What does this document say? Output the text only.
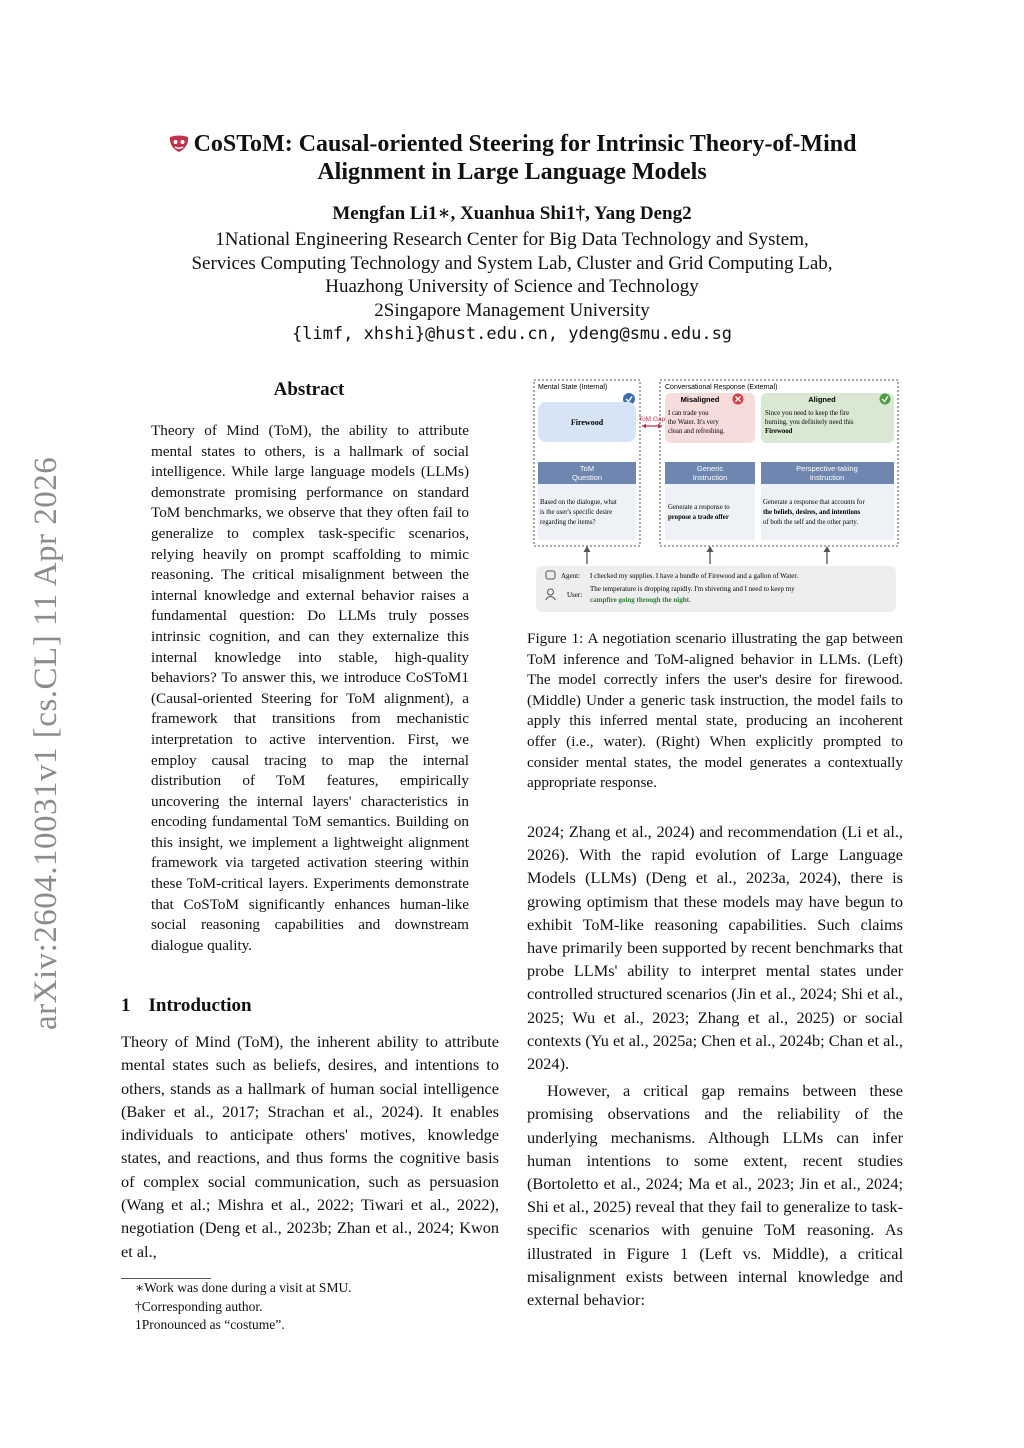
arXiv:2604.10031v1 [cs.CL] 11 Apr 2026
CoSToM: Causal-oriented Steering for Intrinsic Theory-of-Mind
Alignment in Large Language Models
Mengfan Li1∗, Xuanhua Shi1†, Yang Deng2
1National Engineering Research Center for Big Data Technology and System,
Services Computing Technology and System Lab, Cluster and Grid Computing Lab,
Huazhong University of Science and Technology
2Singapore Management University
{limf, xhshi}@hust.edu.cn, ydeng@smu.edu.sg
Abstract
Theory of Mind (ToM), the ability to attribute mental states to others, is a hallmark of social intelligence. While large language models (LLMs) demonstrate promising performance on standard ToM benchmarks, we observe that they often fail to generalize to complex task-specific scenarios, relying heavily on prompt scaffolding to mimic reasoning. The critical misalignment between the internal knowledge and external behavior raises a fundamental question: Do LLMs truly posses intrinsic cognition, and can they externalize this internal knowledge into stable, high-quality behaviors? To answer this, we introduce CoSToM1 (Causal-oriented Steering for ToM alignment), a framework that transitions from mechanistic interpretation to active intervention. First, we employ causal tracing to map the internal distribution of ToM features, empirically uncovering the internal layers' characteristics in encoding fundamental ToM semantics. Building on this insight, we implement a lightweight alignment framework via targeted activation steering within these ToM-critical layers. Experiments demonstrate that CoSToM significantly enhances human-like social reasoning capabilities and downstream dialogue quality.
1 Introduction
Theory of Mind (ToM), the inherent ability to attribute mental states such as beliefs, desires, and intentions to others, stands as a hallmark of human social intelligence (Baker et al., 2017; Strachan et al., 2024). It enables individuals to anticipate others' motives, knowledge states, and reactions, and thus forms the cognitive basis of complex social communication, such as persuasion (Wang et al.; Mishra et al., 2022; Tiwari et al., 2022), negotiation (Deng et al., 2023b; Zhan et al., 2024; Kwon et al.,
∗Work was done during a visit at SMU.
†Corresponding author.
1Pronounced as “costume”.
Mental State (Internal)
Firewood
ToM
Question
Based on the dialogue, what
is the user's specific desire
regarding the items?
ToM Gap
Conversational Response (External)
Misaligned
I can trade you
the Water. It's very
clean and refreshing.
Aligned
Since you need to keep the fire
burning, you definitely need this
Firewood
Generic
Instruction
Generate a response to
propose a trade offer
Perspective-taking
Instruction
Generate a response that accounts for
the beliefs, desires, and intentions
of both the self and the other party.
Agent: I checked my supplies. I have a bundle of Firewood and a gallon of Water.
User:
The temperature is dropping rapidly. I'm shivering and I need to keep my
campfire going through the night.
Figure 1: A negotiation scenario illustrating the gap between ToM inference and ToM-aligned behavior in LLMs. (Left) The model correctly infers the user's desire for firewood. (Middle) Under a generic task instruction, the model fails to apply this inferred mental state, producing an incoherent offer (i.e., water). (Right) When explicitly prompted to consider mental states, the model generates a contextually appropriate response.

2024; Zhang et al., 2024) and recommendation (Li et al., 2026). With the rapid evolution of Large Language Models (LLMs) (Deng et al., 2023a, 2024), there is growing optimism that these models may have begun to exhibit ToM-like reasoning capabilities. Such claims have primarily been supported by recent benchmarks that probe LLMs' ability to interpret mental states under controlled structured scenarios (Jin et al., 2024; Shi et al., 2025; Wu et al., 2023; Zhang et al., 2025) or social contexts (Yu et al., 2025a; Chen et al., 2024b; Chan et al., 2024).

However, a critical gap remains between these promising observations and the reliability of the underlying mechanisms. Although LLMs can infer human intentions to some extent, recent studies (Bortoletto et al., 2024; Ma et al., 2023; Jin et al., 2024; Shi et al., 2025) reveal that they fail to generalize to task-specific scenarios with genuine ToM reasoning. As illustrated in Figure 1 (Left vs. Middle), a critical misalignment exists between internal knowledge and external behavior:
